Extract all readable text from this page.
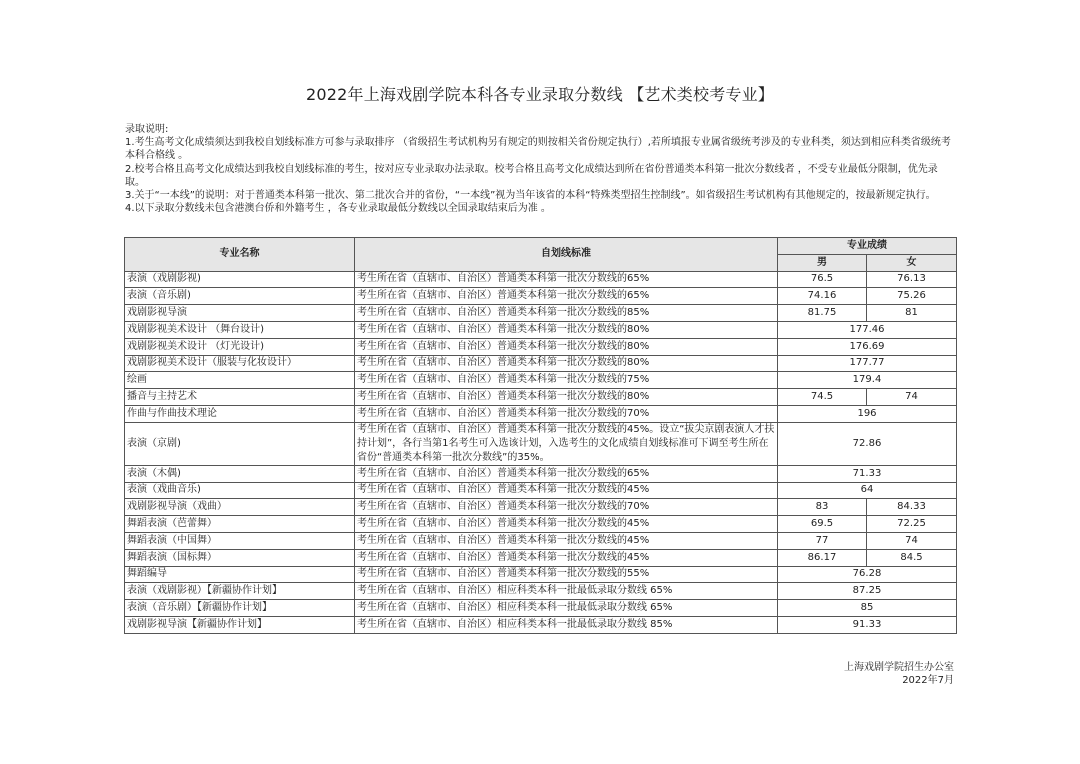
2022年上海戏剧学院本科各专业录取分数线 【艺术类校考专业】
录取说明:
1.考生高考文化成绩须达到我校自划线标准方可参与录取排序 （省级招生考试机构另有规定的则按相关省份规定执行）,若所填报专业属省级统考涉及的专业科类，须达到相应科类省级统考本科合格线 。
2.校考合格且高考文化成绩达到我校自划线标准的考生，按对应专业录取办法录取。校考合格且高考文化成绩达到所在省份普通类本科第一批次分数线者 ，不受专业最低分限制，优先录取。
3.关于“一本线”的说明：对于普通类本科第一批次、第二批次合并的省份，“一本线”视为当年该省的本科“特殊类型招生控制线”。如省级招生考试机构有其他规定的，按最新规定执行。
4.以下录取分数线未包含港澳台侨和外籍考生 ，各专业录取最低分数线以全国录取结束后为准 。
专业名称	自划线标准	专业成绩	
		男	女
表演（戏剧影视)	考生所在省（直辖市、自治区）普通类本科第一批次分数线的65%	76.5	76.13
表演（音乐剧)	考生所在省（直辖市、自治区）普通类本科第一批次分数线的65%	74.16	75.26
戏剧影视导演	考生所在省（直辖市、自治区）普通类本科第一批次分数线的85%	81.75	81
戏剧影视美术设计 （舞台设计)	考生所在省（直辖市、自治区）普通类本科第一批次分数线的80%	177.46	
戏剧影视美术设计 （灯光设计)	考生所在省（直辖市、自治区）普通类本科第一批次分数线的80%	176.69	
戏剧影视美术设计（服装与化妆设计）	考生所在省（直辖市、自治区）普通类本科第一批次分数线的80%	177.77	
绘画	考生所在省（直辖市、自治区）普通类本科第一批次分数线的75%	179.4	
播音与主持艺术	考生所在省（直辖市、自治区）普通类本科第一批次分数线的80%	74.5	74
作曲与作曲技术理论	考生所在省（直辖市、自治区）普通类本科第一批次分数线的70%	196	
表演（京剧)	考生所在省（直辖市、自治区）普通类本科第一批次分数线的45%。设立“拔尖京剧表演人才扶持计划”，各行当第1名考生可入选该计划，入选考生的文化成绩自划线标准可下调至考生所在省份“普通类本科第一批次分数线”的35%。	72.86	
表演（木偶)	考生所在省（直辖市、自治区）普通类本科第一批次分数线的65%	71.33	
表演（戏曲音乐)	考生所在省（直辖市、自治区）普通类本科第一批次分数线的45%	64	
戏剧影视导演（戏曲）	考生所在省（直辖市、自治区）普通类本科第一批次分数线的70%	83	84.33
舞蹈表演（芭蕾舞）	考生所在省（直辖市、自治区）普通类本科第一批次分数线的45%	69.5	72.25
舞蹈表演（中国舞）	考生所在省（直辖市、自治区）普通类本科第一批次分数线的45%	77	74
舞蹈表演（国标舞）	考生所在省（直辖市、自治区）普通类本科第一批次分数线的45%	86.17	84.5
舞蹈编导	考生所在省（直辖市、自治区）普通类本科第一批次分数线的55%	76.28	
表演（戏剧影视）【新疆协作计划】	考生所在省（直辖市、自治区）相应科类本科一批最低录取分数线 65%	87.25	
表演（音乐剧）【新疆协作计划】	考生所在省（直辖市、自治区）相应科类本科一批最低录取分数线 65%	85	
戏剧影视导演【新疆协作计划】	考生所在省（直辖市、自治区）相应科类本科一批最低录取分数线 85%	91.33	
上海戏剧学院招生办公室
2022年7月
